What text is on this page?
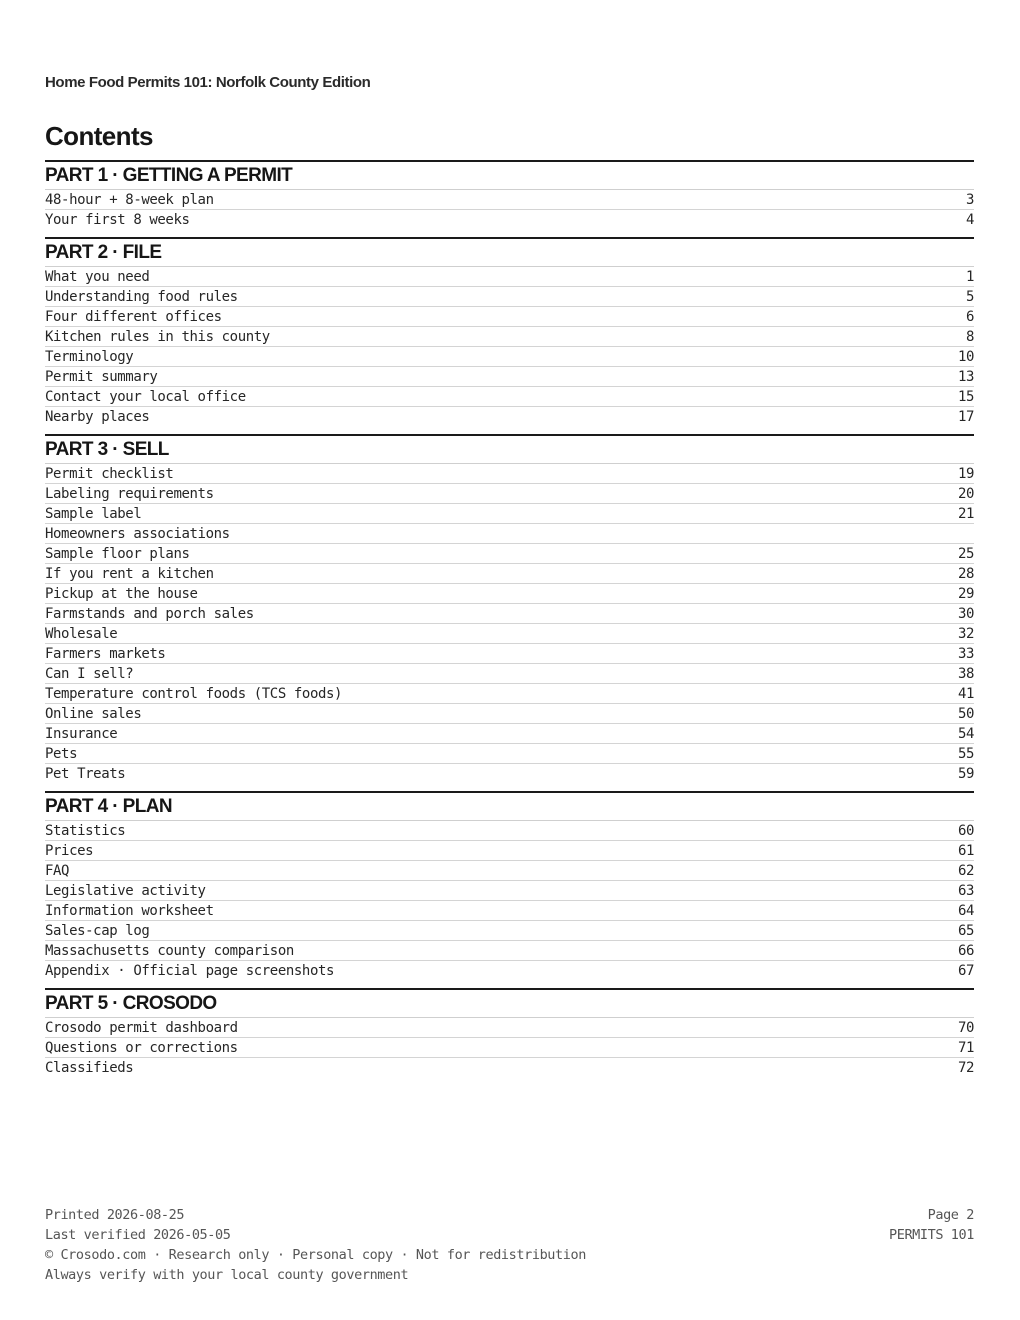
Home Food Permits 101: Norfolk County Edition
Contents
PART 1 · GETTING A PERMIT
48-hour + 8-week plan	3
Your first 8 weeks	4
PART 2 · FILE
What you need	1
Understanding food rules	5
Four different offices	6
Kitchen rules in this county	8
Terminology	10
Permit summary	13
Contact your local office	15
Nearby places	17
PART 3 · SELL
Permit checklist	19
Labeling requirements	20
Sample label	21
Homeowners associations
Sample floor plans	25
If you rent a kitchen	28
Pickup at the house	29
Farmstands and porch sales	30
Wholesale	32
Farmers markets	33
Can I sell?	38
Temperature control foods (TCS foods)	41
Online sales	50
Insurance	54
Pets	55
Pet Treats	59
PART 4 · PLAN
Statistics	60
Prices	61
FAQ	62
Legislative activity	63
Information worksheet	64
Sales-cap log	65
Massachusetts county comparison	66
Appendix · Official page screenshots	67
PART 5 · CROSODO
Crosodo permit dashboard	70
Questions or corrections	71
Classifieds	72
Printed 2026-08-25
Last verified 2026-05-05
© Crosodo.com · Research only · Personal copy · Not for redistribution
Always verify with your local county government
Page 2
PERMITS 101
